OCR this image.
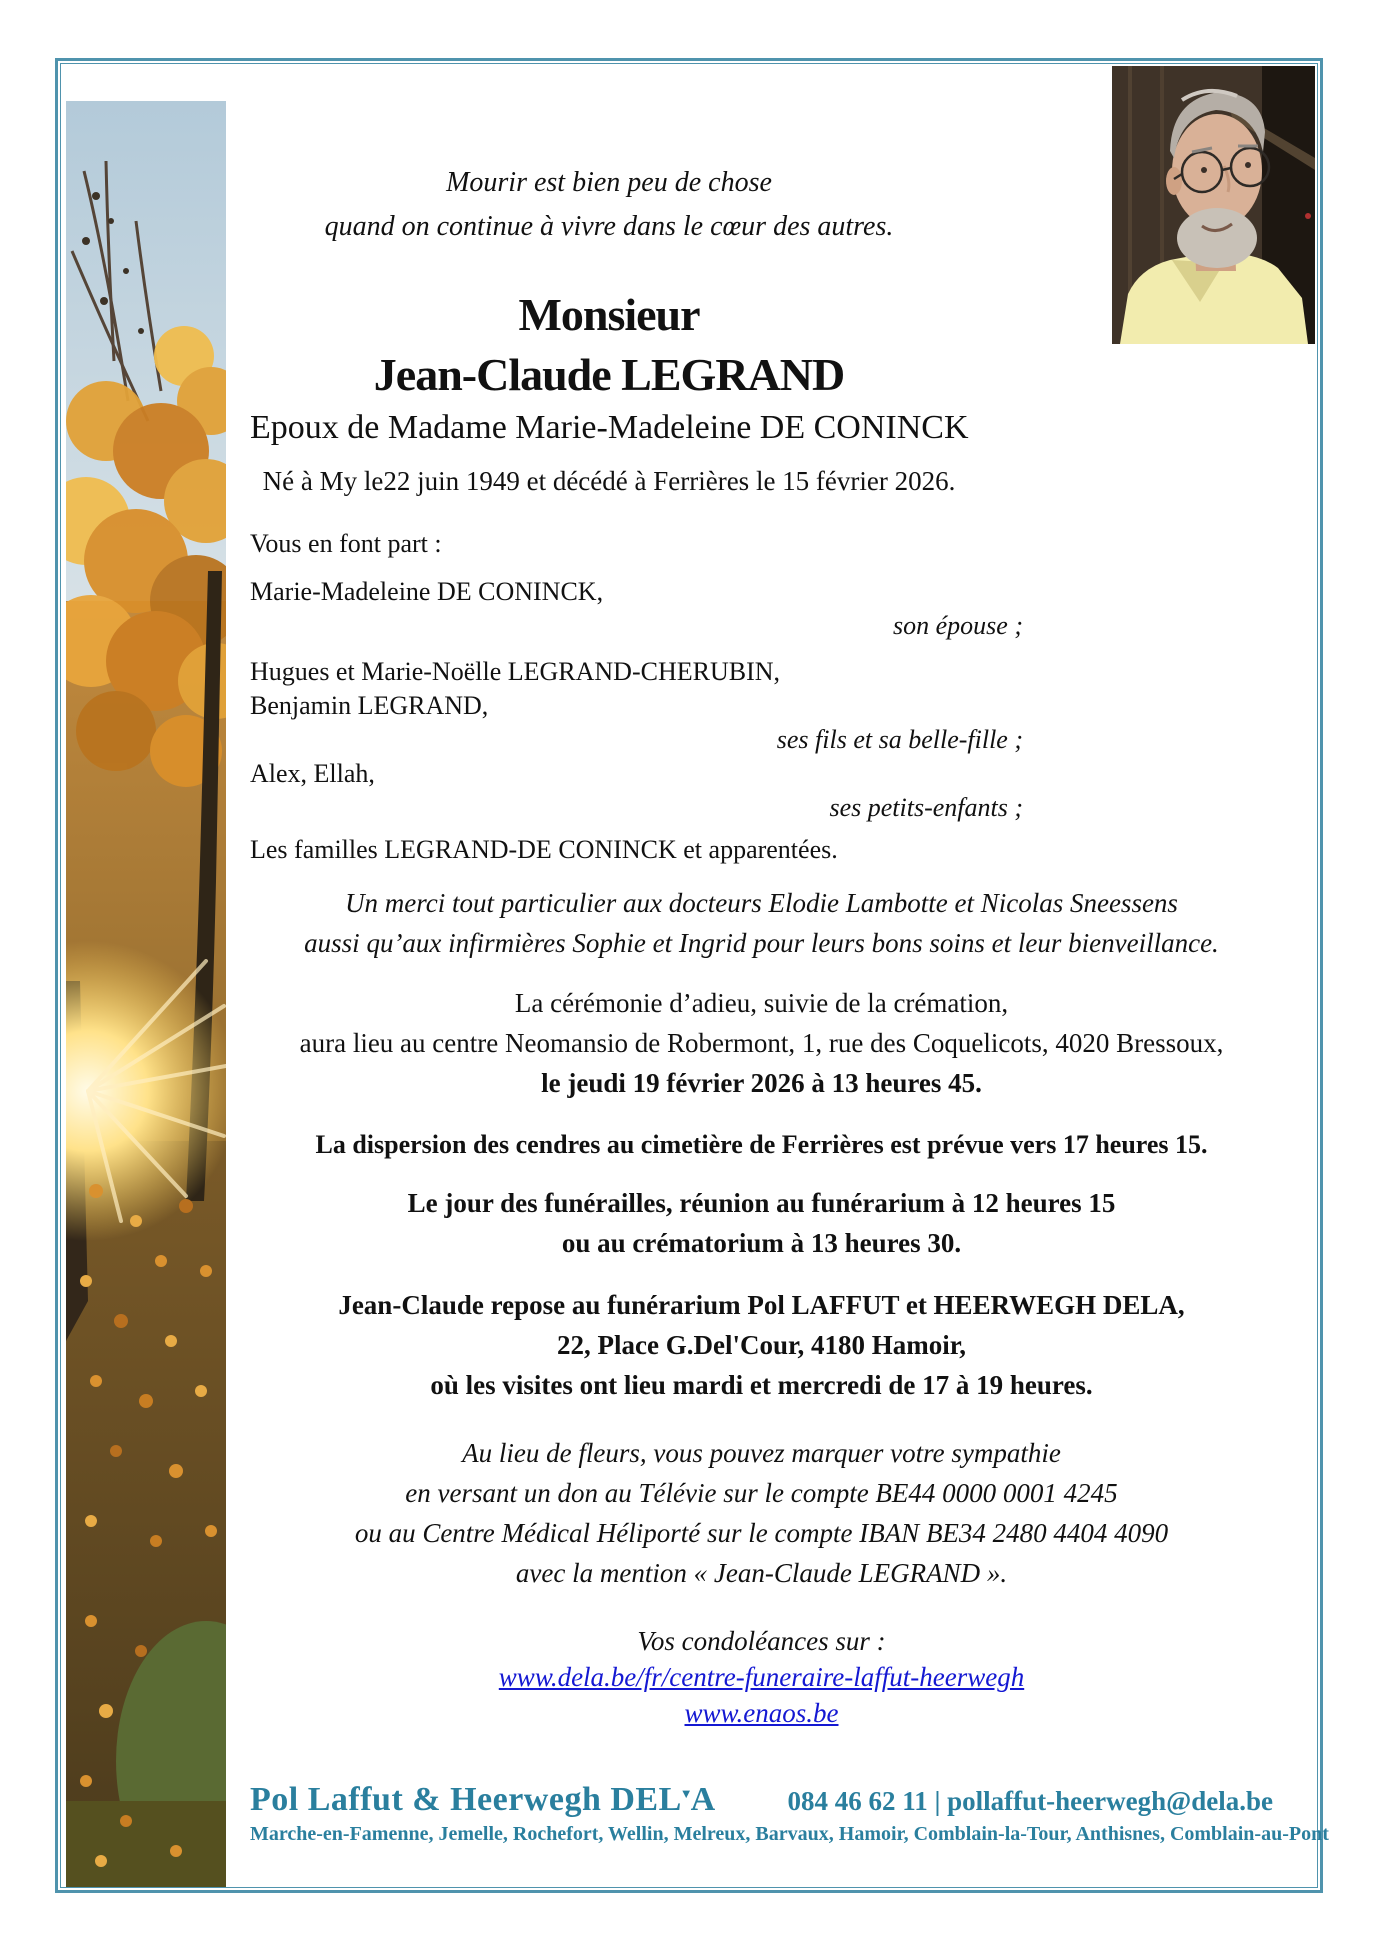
Mourir est bien peu de chose
quand on continue à vivre dans le cœur des autres.
Monsieur
Jean-Claude LEGRAND
Epoux de Madame Marie-Madeleine DE CONINCK
Né à My le22 juin 1949 et décédé à Ferrières le 15 février 2026.
Vous en font part :
Marie-Madeleine DE CONINCK,
son épouse ;
Hugues et Marie-Noëlle LEGRAND-CHERUBIN,
Benjamin LEGRAND,
ses fils et sa belle-fille ;
Alex, Ellah,
ses petits-enfants ;
Les familles LEGRAND-DE CONINCK et apparentées.
Un merci tout particulier aux docteurs Elodie Lambotte et Nicolas Sneessens
aussi qu’aux infirmières Sophie et Ingrid pour leurs bons soins et leur bienveillance.
La cérémonie d’adieu, suivie de la crémation,
aura lieu au centre Neomansio de Robermont, 1, rue des Coquelicots, 4020 Bressoux,
le jeudi 19 février 2026 à 13 heures 45.
La dispersion des cendres au cimetière de Ferrières est prévue vers 17 heures 15.
Le jour des funérailles, réunion au funérarium à 12 heures 15
ou au crématorium à 13 heures 30.
Jean-Claude repose au funérarium Pol LAFFUT et HEERWEGH DELA,
22, Place G.Del'Cour, 4180 Hamoir,
où les visites ont lieu mardi et mercredi de 17 à 19 heures.
Au lieu de fleurs, vous pouvez marquer votre sympathie
en versant un don au Télévie sur le compte BE44 0000 0001 4245
ou au Centre Médical Héliporté sur le compte IBAN BE34 2480 4404 4090
avec la mention « Jean-Claude LEGRAND ».
Vos condoléances sur :
www.dela.be/fr/centre-funeraire-laffut-heerwegh
www.enaos.be
Pol Laffut & Heerwegh DEL▼A	084 46 62 11 | pollaffut-heerwegh@dela.be
Marche-en-Famenne, Jemelle, Rochefort, Wellin, Melreux, Barvaux, Hamoir, Comblain-la-Tour, Anthisnes, Comblain-au-Pont
